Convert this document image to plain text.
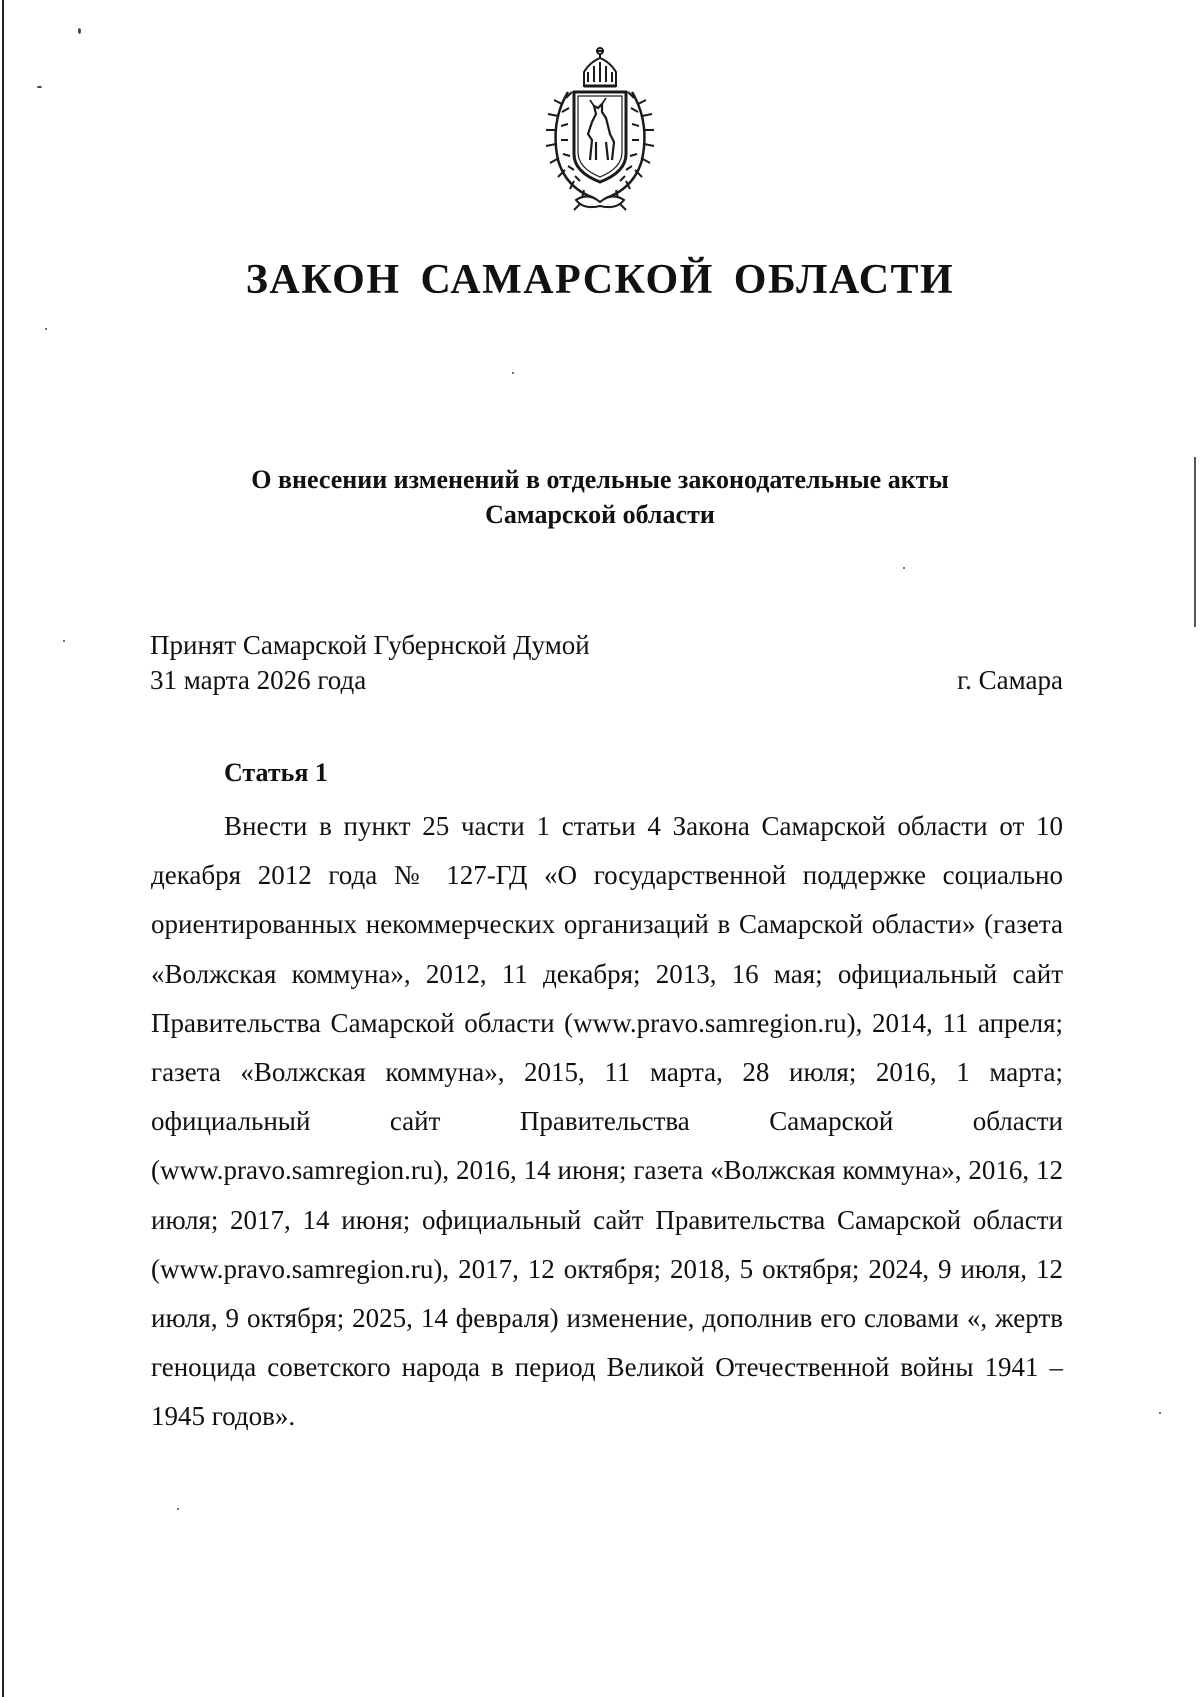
ЗАКОН САМАРСКОЙ ОБЛАСТИ
О внесении изменений в отдельные законодательные акты
Самарской области
Принят Самарской Губернской Думой
31 марта 2026 года	г. Самара
Статья 1

Внести в пункт 25 части 1 статьи 4 Закона Самарской области от 10 декабря 2012 года № 127-ГД «О государственной поддержке социально ориентированных некоммерческих организаций в Самарской области» (газета «Волжская коммуна», 2012, 11 декабря; 2013, 16 мая; официальный сайт Правительства Самарской области (www.pravo.samregion.ru), 2014, 11 апреля; газета «Волжская коммуна», 2015, 11 марта, 28 июля; 2016, 1 марта; официальный сайт Правительства Самарской области (www.pravo.samregion.ru), 2016, 14 июня; газета «Волжская коммуна», 2016, 12 июля; 2017, 14 июня; официальный сайт Правительства Самарской области (www.pravo.samregion.ru), 2017, 12 октября; 2018, 5 октября; 2024, 9 июля, 12 июля, 9 октября; 2025, 14 февраля) изменение, дополнив его словами «, жертв геноцида советского народа в период Великой Отечественной войны 1941 – 1945 годов».
